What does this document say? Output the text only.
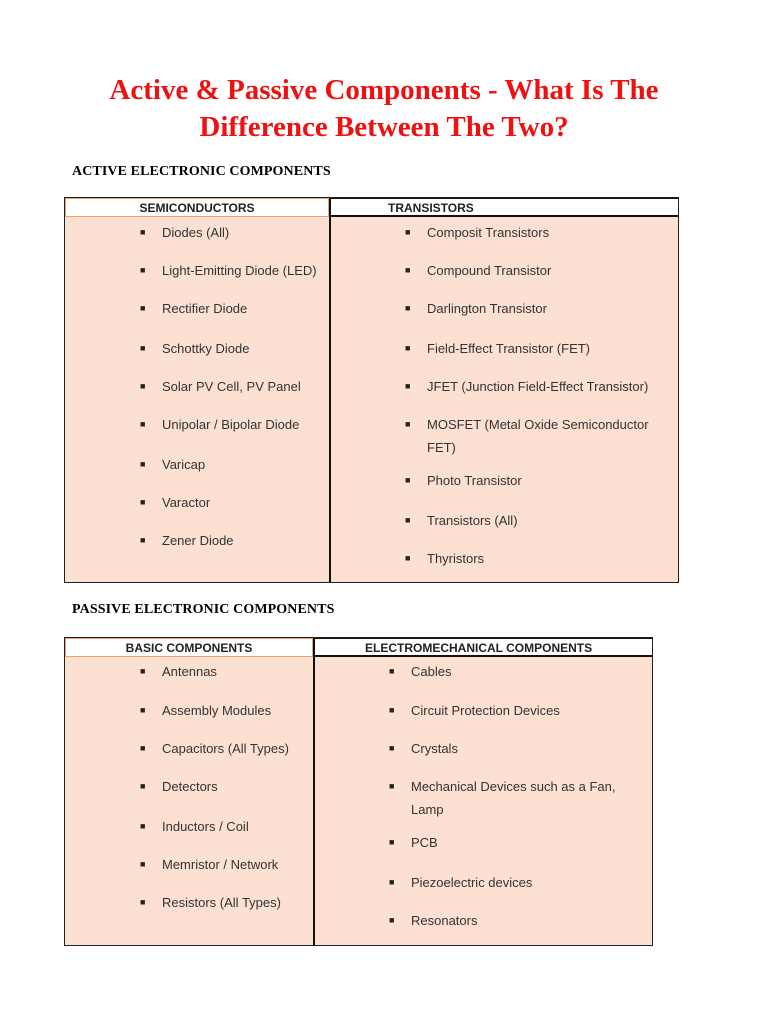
Active & Passive Components - What Is The
Difference Between The Two?
ACTIVE ELECTRONIC COMPONENTS
SEMICONDUCTORS
■ Diodes (All)
■ Light-Emitting Diode (LED)
■ Rectifier Diode
■ Schottky Diode
■ Solar PV Cell, PV Panel
■ Unipolar / Bipolar Diode
■ Varicap
■ Varactor
■ Zener Diode
TRANSISTORS
■ Composit Transistors
■ Compound Transistor
■ Darlington Transistor
■ Field-Effect Transistor (FET)
■ JFET (Junction Field-Effect Transistor)
■ MOSFET (Metal Oxide Semiconductor
FET)
■ Photo Transistor
■ Transistors (All)
■ Thyristors
PASSIVE ELECTRONIC COMPONENTS
BASIC COMPONENTS
■ Antennas
■ Assembly Modules
■ Capacitors (All Types)
■ Detectors
■ Inductors / Coil
■ Memristor / Network
■ Resistors (All Types)
ELECTROMECHANICAL COMPONENTS
■ Cables
■ Circuit Protection Devices
■ Crystals
■ Mechanical Devices such as a Fan,
Lamp
■ PCB
■ Piezoelectric devices
■ Resonators
